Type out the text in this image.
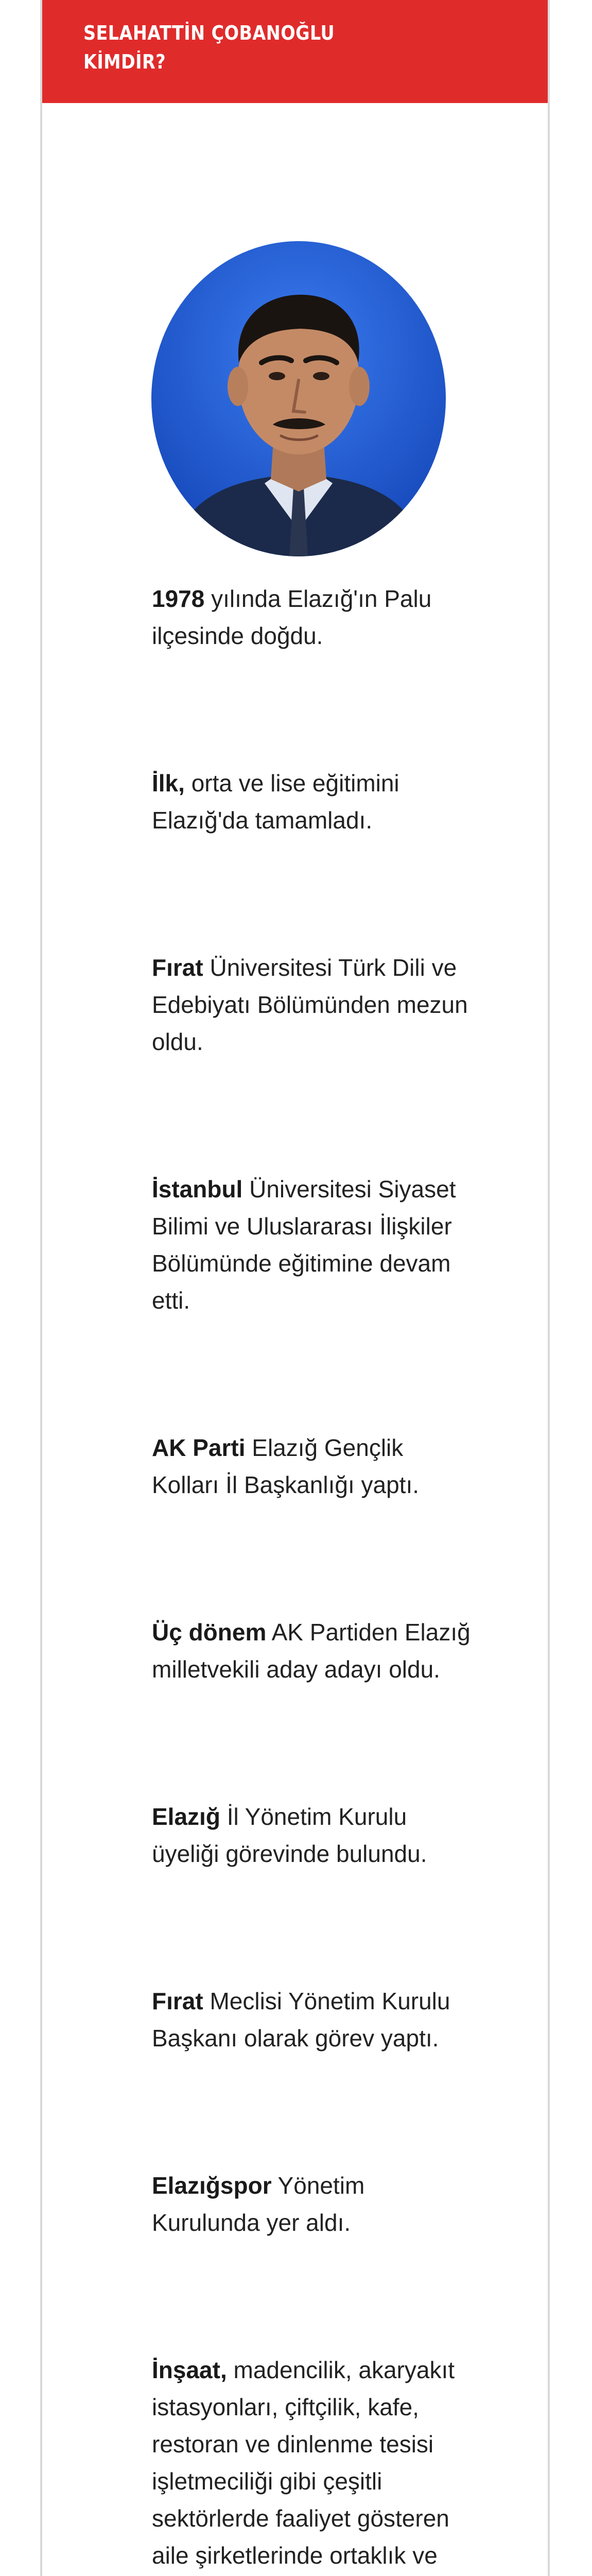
SELAHATTİN ÇOBANOĞLU
KİMDİR?
1978 yılında Elazığ'ın Palu ilçesinde doğdu.
İlk, orta ve lise eğitimini Elazığ'da tamamladı.
Fırat Üniversitesi Türk Dili ve Edebiyatı Bölümünden mezun oldu.
İstanbul Üniversitesi Siyaset Bilimi ve Uluslararası İlişkiler Bölümünde eğitimine devam etti.
AK Parti Elazığ Gençlik Kolları İl Başkanlığı yaptı.
Üç dönem AK Partiden Elazığ milletvekili aday adayı oldu.
Elazığ İl Yönetim Kurulu üyeliği görevinde bulundu.
Fırat Meclisi Yönetim Kurulu Başkanı olarak görev yaptı.
Elazığspor Yönetim Kurulunda yer aldı.
İnşaat, madencilik, akaryakıt istasyonları, çiftçilik, kafe, restoran ve dinlenme tesisi işletmeciliği gibi çeşitli sektörlerde faaliyet gösteren aile şirketlerinde ortaklık ve
